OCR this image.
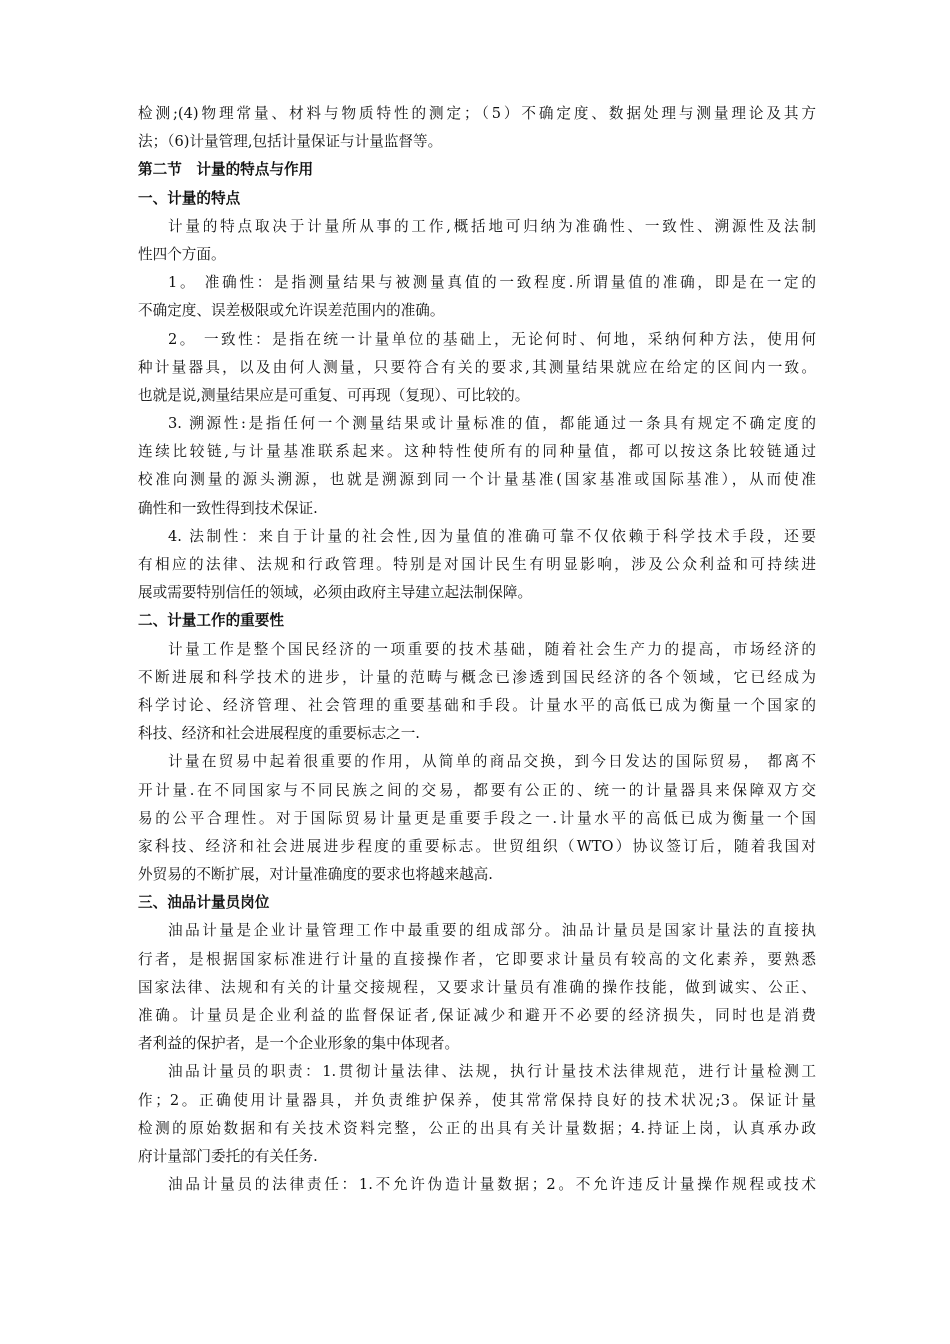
检测;(4)物理常量、材料与物质特性的测定；（5）不确定度、数据处理与测量理论及其方
法；（6)计量管理,包括计量保证与计量监督等。
第二节　计量的特点与作用
一、计量的特点
计量的特点取决于计量所从事的工作,概括地可归纳为准确性、一致性、溯源性及法制
性四个方面。
1。 准确性：是指测量结果与被测量真值的一致程度.所谓量值的准确，即是在一定的
不确定度、误差极限或允许误差范围内的准确。
2。 一致性：是指在统一计量单位的基础上，无论何时、何地，采纳何种方法，使用何
种计量器具，以及由何人测量，只要符合有关的要求,其测量结果就应在给定的区间内一致。
也就是说,测量结果应是可重复、可再现（复现）、可比较的。
3. 溯源性:是指任何一个测量结果或计量标准的值，都能通过一条具有规定不确定度的
连续比较链,与计量基准联系起来。这种特性使所有的同种量值，都可以按这条比较链通过
校准向测量的源头溯源，也就是溯源到同一个计量基准(国家基准或国际基准），从而使准
确性和一致性得到技术保证.
4. 法制性：来自于计量的社会性,因为量值的准确可靠不仅依赖于科学技术手段，还要
有相应的法律、法规和行政管理。特别是对国计民生有明显影响，涉及公众利益和可持续进
展或需要特别信任的领域，必须由政府主导建立起法制保障。
二、计量工作的重要性
计量工作是整个国民经济的一项重要的技术基础，随着社会生产力的提高，市场经济的
不断进展和科学技术的进步，计量的范畴与概念已渗透到国民经济的各个领域，它已经成为
科学讨论、经济管理、社会管理的重要基础和手段。计量水平的高低已成为衡量一个国家的
科技、经济和社会进展程度的重要标志之一.
计量在贸易中起着很重要的作用，从简单的商品交换，到今日发达的国际贸易， 都离不
开计量.在不同国家与不同民族之间的交易，都要有公正的、统一的计量器具来保障双方交
易的公平合理性。对于国际贸易计量更是重要手段之一.计量水平的高低已成为衡量一个国
家科技、经济和社会进展进步程度的重要标志。世贸组织（WTO）协议签订后，随着我国对
外贸易的不断扩展，对计量准确度的要求也将越来越高.
三、油品计量员岗位
油品计量是企业计量管理工作中最重要的组成部分。油品计量员是国家计量法的直接执
行者，是根据国家标准进行计量的直接操作者，它即要求计量员有较高的文化素养，要熟悉
国家法律、法规和有关的计量交接规程，又要求计量员有准确的操作技能，做到诚实、公正、
准确。计量员是企业利益的监督保证者,保证减少和避开不必要的经济损失，同时也是消费
者利益的保护者，是一个企业形象的集中体现者。
油品计量员的职责：1.贯彻计量法律、法规，执行计量技术法律规范，进行计量检测工
作；2。正确使用计量器具，并负责维护保养，使其常常保持良好的技术状况;3。保证计量
检测的原始数据和有关技术资料完整，公正的出具有关计量数据；4.持证上岗，认真承办政
府计量部门委托的有关任务.
油品计量员的法律责任：1.不允许伪造计量数据；2。不允许违反计量操作规程或技术
